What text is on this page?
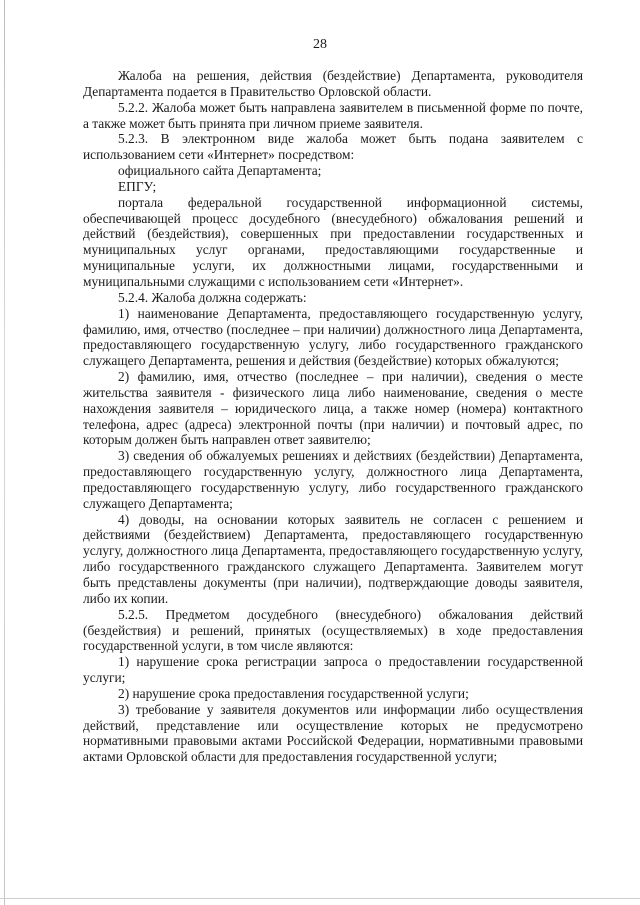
28

Жалоба на решения, действия (бездействие) Департамента, руководителя Департамента подается в Правительство Орловской области.

5.2.2. Жалоба может быть направлена заявителем в письменной форме по почте, а также может быть принята при личном приеме заявителя.

5.2.3. В электронном виде жалоба может быть подана заявителем с использованием сети «Интернет» посредством:

официального сайта Департамента;

ЕПГУ;

портала федеральной государственной информационной системы, обеспечивающей процесс досудебного (внесудебного) обжалования решений и действий (бездействия), совершенных при предоставлении государственных и муниципальных услуг органами, предоставляющими государственные и муниципальные услуги, их должностными лицами, государственными и муниципальными служащими с использованием сети «Интернет».

5.2.4. Жалоба должна содержать:

1) наименование Департамента, предоставляющего государственную услугу, фамилию, имя, отчество (последнее – при наличии) должностного лица Департамента, предоставляющего государственную услугу, либо государственного гражданского служащего Департамента, решения и действия (бездействие) которых обжалуются;

2) фамилию, имя, отчество (последнее – при наличии), сведения о месте жительства заявителя - физического лица либо наименование, сведения о месте нахождения заявителя – юридического лица, а также номер (номера) контактного телефона, адрес (адреса) электронной почты (при наличии) и почтовый адрес, по которым должен быть направлен ответ заявителю;

3) сведения об обжалуемых решениях и действиях (бездействии) Департамента, предоставляющего государственную услугу, должностного лица Департамента, предоставляющего государственную услугу, либо государственного гражданского служащего Департамента;

4) доводы, на основании которых заявитель не согласен с решением и действиями (бездействием) Департамента, предоставляющего государственную услугу, должностного лица Департамента, предоставляющего государственную услугу, либо государственного гражданского служащего Департамента. Заявителем могут быть представлены документы (при наличии), подтверждающие доводы заявителя, либо их копии.

5.2.5. Предметом досудебного (внесудебного) обжалования действий (бездействия) и решений, принятых (осуществляемых) в ходе предоставления государственной услуги, в том числе являются:

1) нарушение срока регистрации запроса о предоставлении государственной услуги;

2) нарушение срока предоставления государственной услуги;

3) требование у заявителя документов или информации либо осуществления действий, представление или осуществление которых не предусмотрено нормативными правовыми актами Российской Федерации, нормативными правовыми актами Орловской области для предоставления государственной услуги;
